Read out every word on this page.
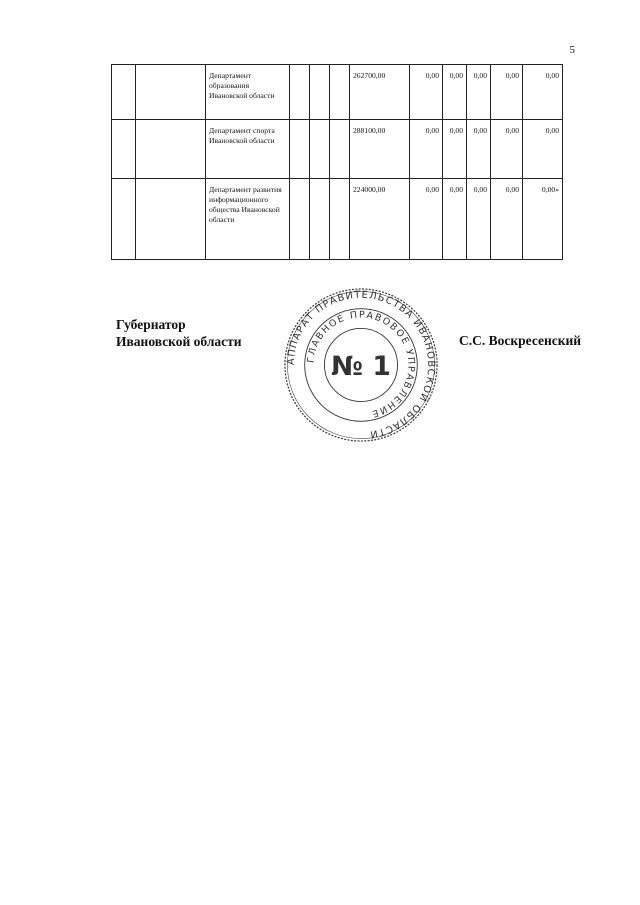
5
		Департамент образования Ивановской области				262700,00	0,00	0,00	0,00	0,00	0,00
		Департамент спорта Ивановской области				288100,00	0,00	0,00	0,00	0,00	0,00
		Департамент развития информационного общества Ивановской области				224000,00	0,00	0,00	0,00	0,00	0,00»
Губернатор
Ивановской области
АППАРАТ ПРАВИТЕЛЬСТВА ИВАНОВСКОЙ ОБЛАСТИ
ГЛАВНОЕ ПРАВОВОЕ УПРАВЛЕНИЕ
№ 1
С.С. Воскресенский
